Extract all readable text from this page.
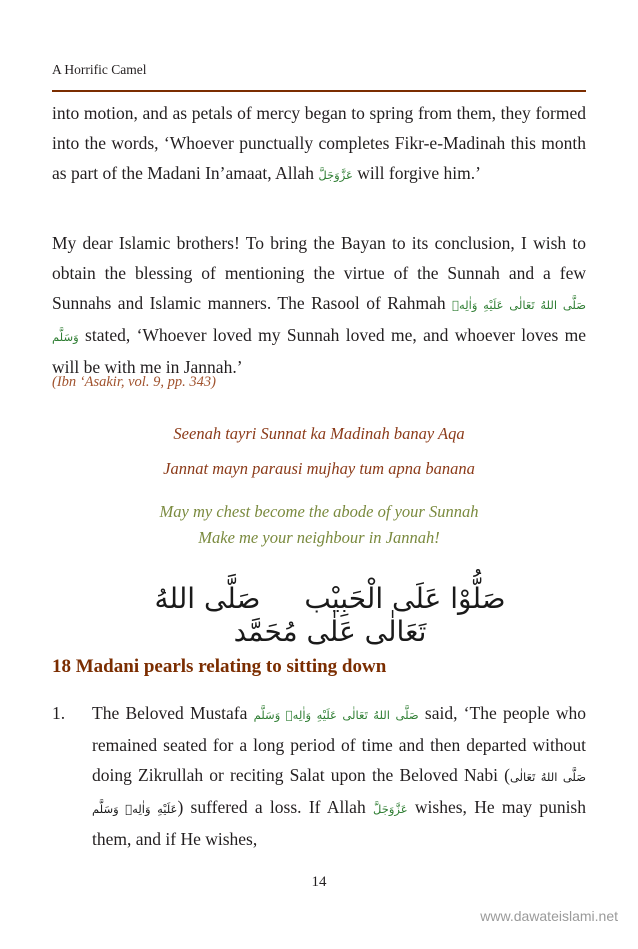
A Horrific Camel
into motion, and as petals of mercy began to spring from them, they formed into the words, ‘Whoever punctually completes Fikr-e-Madinah this month as part of the Madani In’amaat, Allah عَزَّوَجَلَّ will forgive him.’
My dear Islamic brothers! To bring the Bayan to its conclusion, I wish to obtain the blessing of mentioning the virtue of the Sunnah and a few Sunnahs and Islamic manners. The Rasool of Rahmah صَلَّی اللهُ تَعَالٰی عَلَیْهِ وَاٰلِهٖ وَسَلَّم stated, ‘Whoever loved my Sunnah loved me, and whoever loves me will be with me in Jannah.’
(Ibn ‘Asakir, vol. 9, pp. 343)
Seenah tayri Sunnat ka Madinah banay Aqa
Jannat mayn parausi mujhay tum apna banana
May my chest become the abode of your Sunnah
Make me your neighbour in Jannah!
صَلُّوْا عَلَی الْحَبِیْبصَلَّی اللهُ تَعَالٰی عَلٰی مُحَمَّد
18 Madani pearls relating to sitting down
1. The Beloved Mustafa صَلَّی اللهُ تَعَالٰی عَلَیْهِ وَاٰلِهٖ وَسَلَّم said, ‘The people who remained seated for a long period of time and then departed without doing Zikrullah or reciting Salat upon the Beloved Nabi (صَلَّی اللهُ تَعَالٰی عَلَیْهِ وَاٰلِهٖ وَسَلَّم) suffered a loss. If Allah عَزَّوَجَلَّ wishes, He may punish them, and if He wishes,
14
www.dawateislami.net
